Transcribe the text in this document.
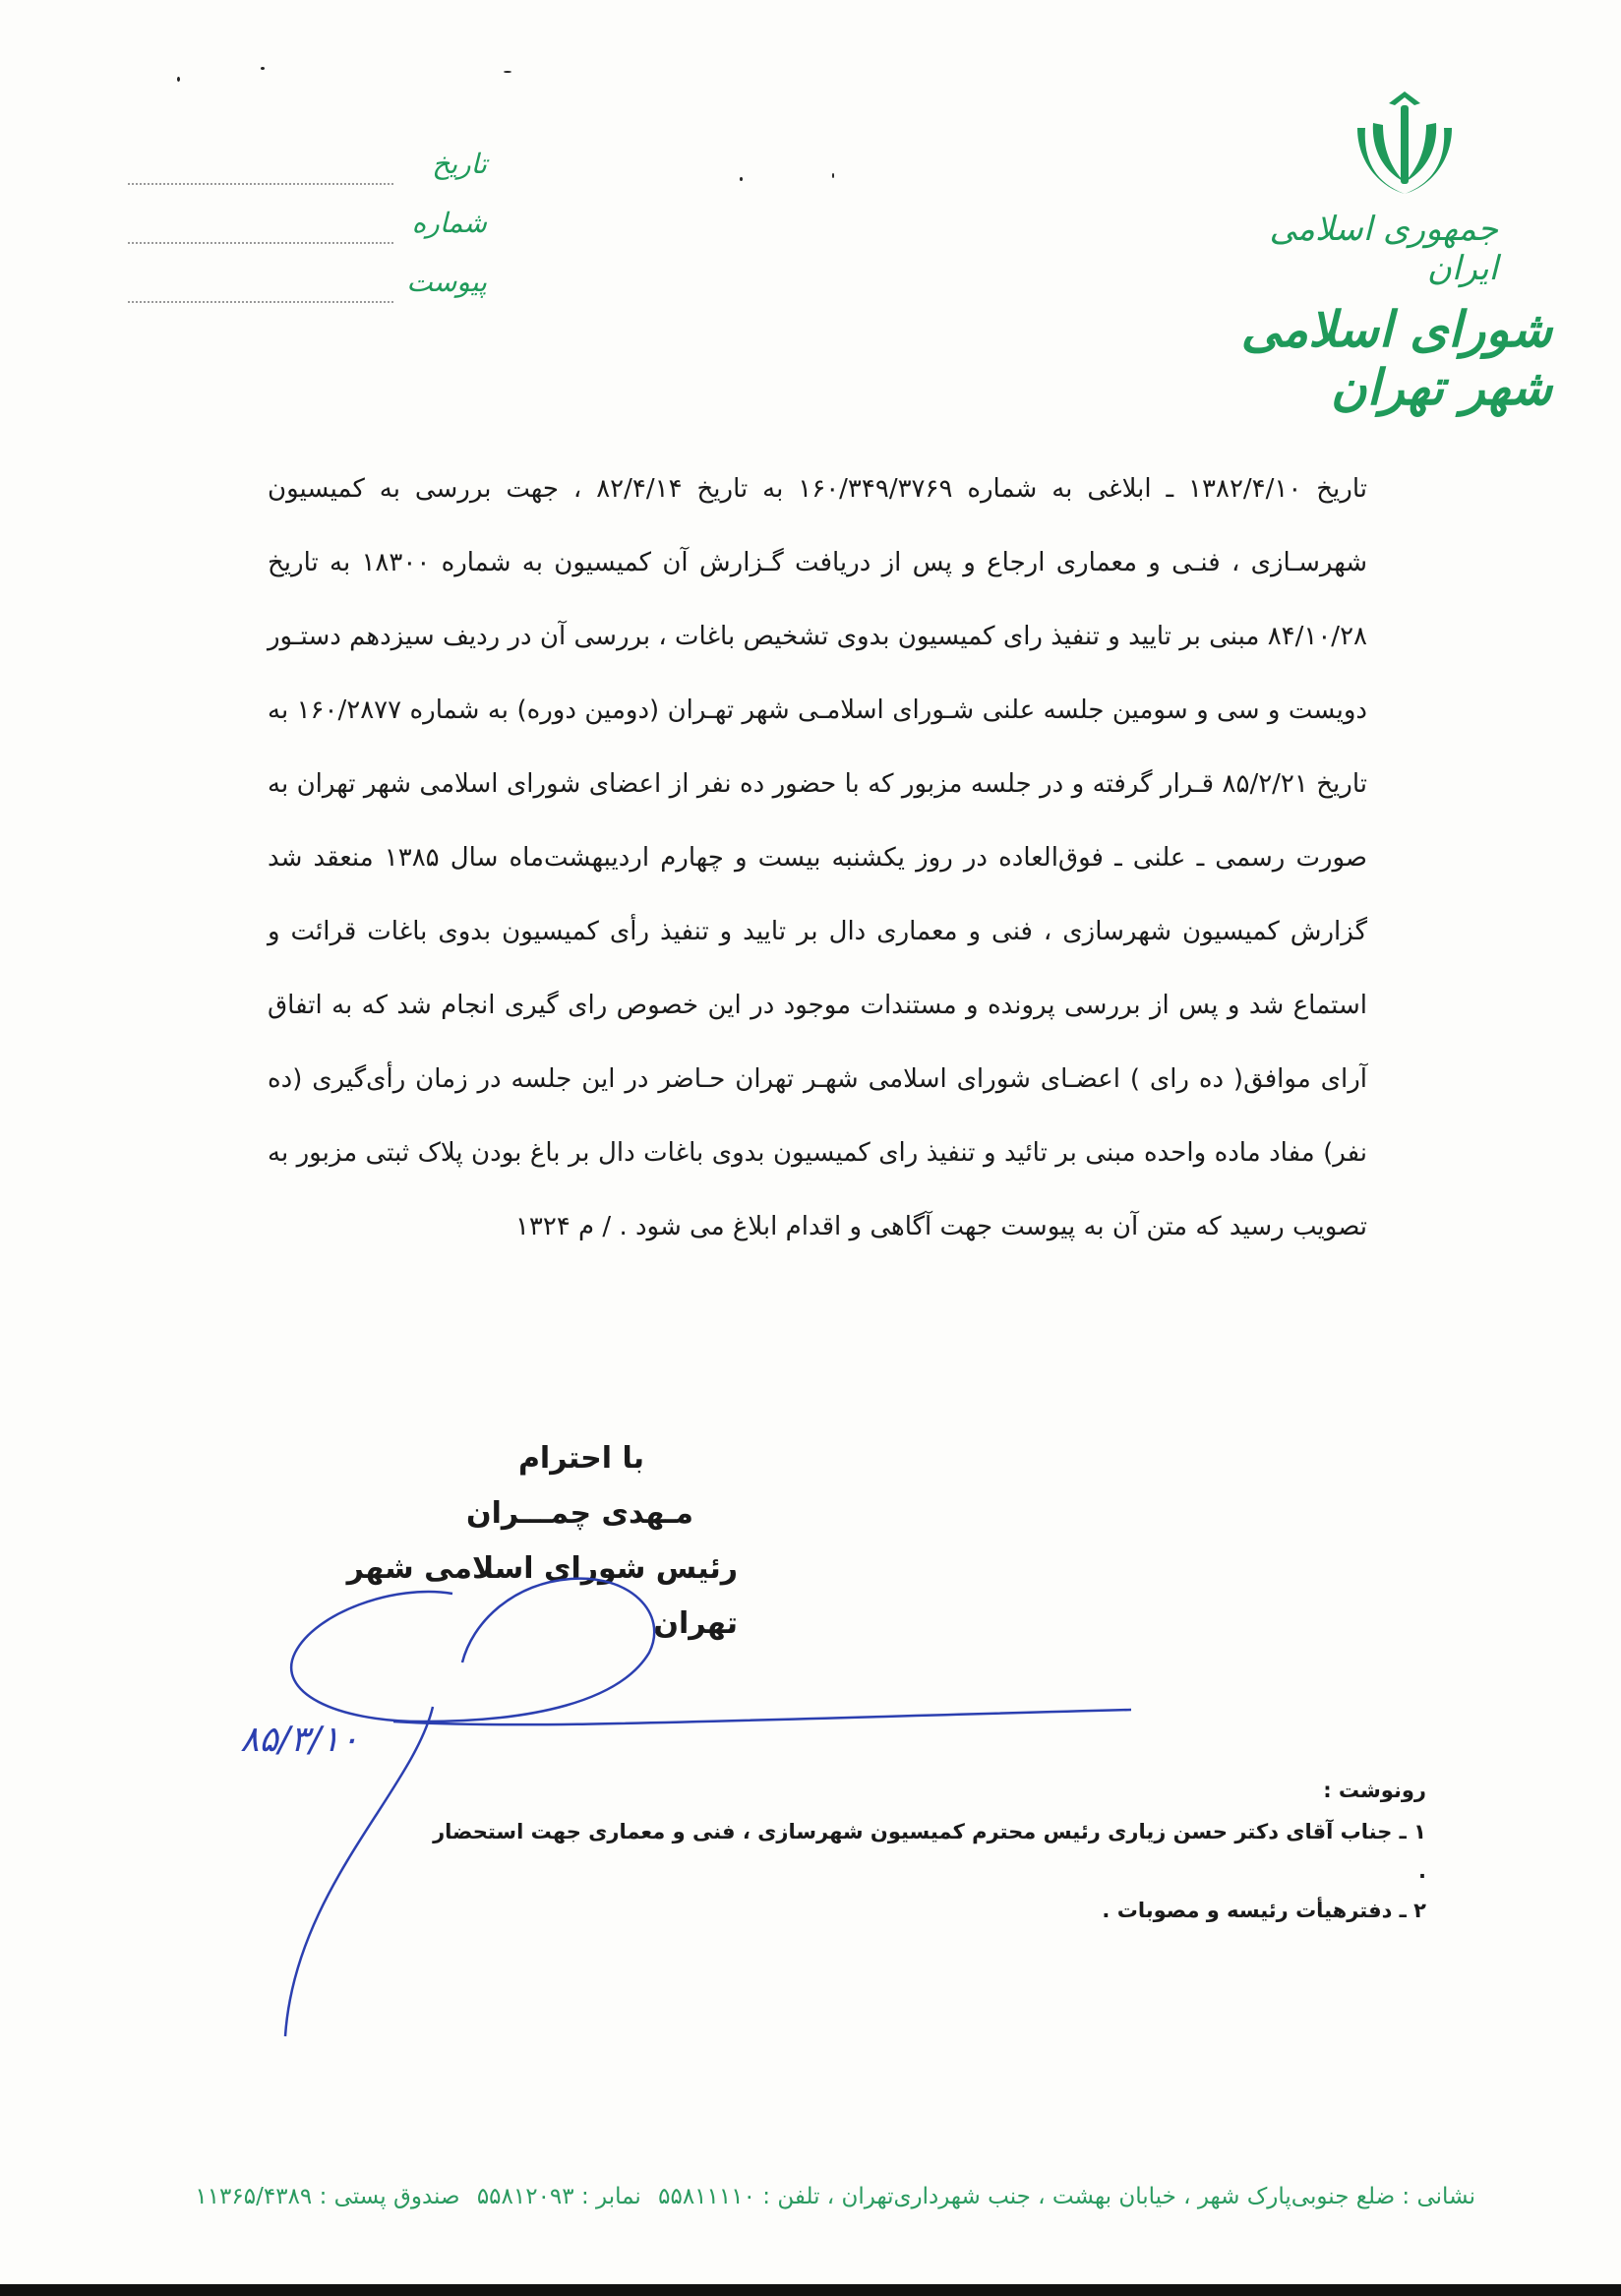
جمهوری اسلامی ایران
شورای اسلامی شهر تهران
تاریخ
شماره
پیوست
تاریخ ۱۳۸۲/۴/۱۰ ـ ابلاغی به شماره ۱۶۰/۳۴۹/۳۷۶۹ به تاریخ ۸۲/۴/۱۴ ، جهت بررسی به کمیسیون شهرسـازی ، فنـی و معماری ارجاع و پس از دریافت گـزارش آن کمیسیون به شماره ۱۸۳۰۰ به تاریخ ۸۴/۱۰/۲۸ مبنی بر تایید و تنفیذ رای کمیسیون بدوی تشخیص باغات ، بررسی آن در ردیف سیزدهم دستـور دویست و سی و سومین جلسه علنی شـورای اسلامـی شهر تهـران (دومین دوره) به شماره ۱۶۰/۲۸۷۷ به تاریخ ۸۵/۲/۲۱ قـرار گرفته و در جلسه مزبور که با حضور ده نفر از اعضای شورای اسلامی شهر تهران به صورت رسمی ـ علنی ـ فوق‌العاده در روز یکشنبه بیست و چهارم اردیبهشت‌ماه سال ۱۳۸۵ منعقد شد گزارش کمیسیون شهرسازی ، فنی و معماری دال بر تایید و تنفیذ رأی کمیسیون بدوی باغات قرائت و استماع شد و پس از بررسی پرونده و مستندات موجود در این خصوص رای گیری انجام شد که به اتفاق آرای موافق( ده رای ) اعضـای شورای اسلامی شهـر تهران حـاضر در این جلسه در زمان رأی‌گیری (ده نفر) مفاد ماده واحده مبنی بر تائید و تنفیذ رای کمیسیون بدوی باغات دال بر باغ بودن پلاک ثبتی مزبور به تصویب رسید که متن آن به پیوست جهت آگاهی و اقدام ابلاغ می شود . / م ۱۳۲۴
با احترام
مـهدی چمـــران
رئیس شورای اسلامی شهر تهران
۸۵/۳/۱۰
رونوشت :
۱ ـ جناب آقای دکتر حسن زیاری رئیس محترم کمیسیون شهرسازی ، فنی و معماری جهت استحضار .
۲ ـ دفترهیأت رئیسه و مصوبات .
نشانی : ضلع جنوبی‌پارک شهر ، خیابان بهشت ، جنب شهرداری‌تهران ، تلفن : ۵۵۸۱۱۱۱۰ نمابر : ۵۵۸۱۲۰۹۳ صندوق پستی : ۱۱۳۶۵/۴۳۸۹
